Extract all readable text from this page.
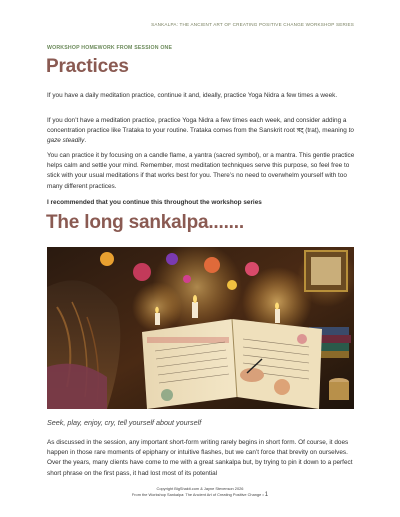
SANKALPA: THE ANCIENT ART OF CREATING POSITIVE CHANGE WORKSHOP SERIES
WORKSHOP HOMEWORK FROM SESSION ONE
Practices

If you have a daily meditation practice, continue it and, ideally, practice Yoga Nidra a few times a week.

If you don’t have a meditation practice, practice Yoga Nidra a few times each week, and consider adding a concentration practice like Trataka to your routine. Trataka comes from the Sanskrit root त्रट् (traṭ), meaning to gaze steadily.

You can practice it by focusing on a candle flame, a yantra (sacred symbol), or a mantra. This gentle practice helps calm and settle your mind. Remember, most meditation techniques serve this purpose, so feel free to stick with your usual meditations if that works best for you. There’s no need to overwhelm yourself with too many different practices.

I recommended that you continue this throughout the workshop series

The long sankalpa.......

Seek, play, enjoy, cry, tell yourself about yourself

As discussed in the session, any important short-form writing rarely begins in short form. Of course, it does happen in those rare moments of epiphany or intuitive flashes, but we can’t force that brevity on ourselves. Over the years, many clients have come to me with a great sankalpa but, by trying to pin it down to a perfect short phrase on the first pass, it had lost most of its potential

Copyright BigShakti.com & Jayne Stevenson 2026

From the Workshop Sankalpa: The Ancient Art of Creating Positive Change • 1
